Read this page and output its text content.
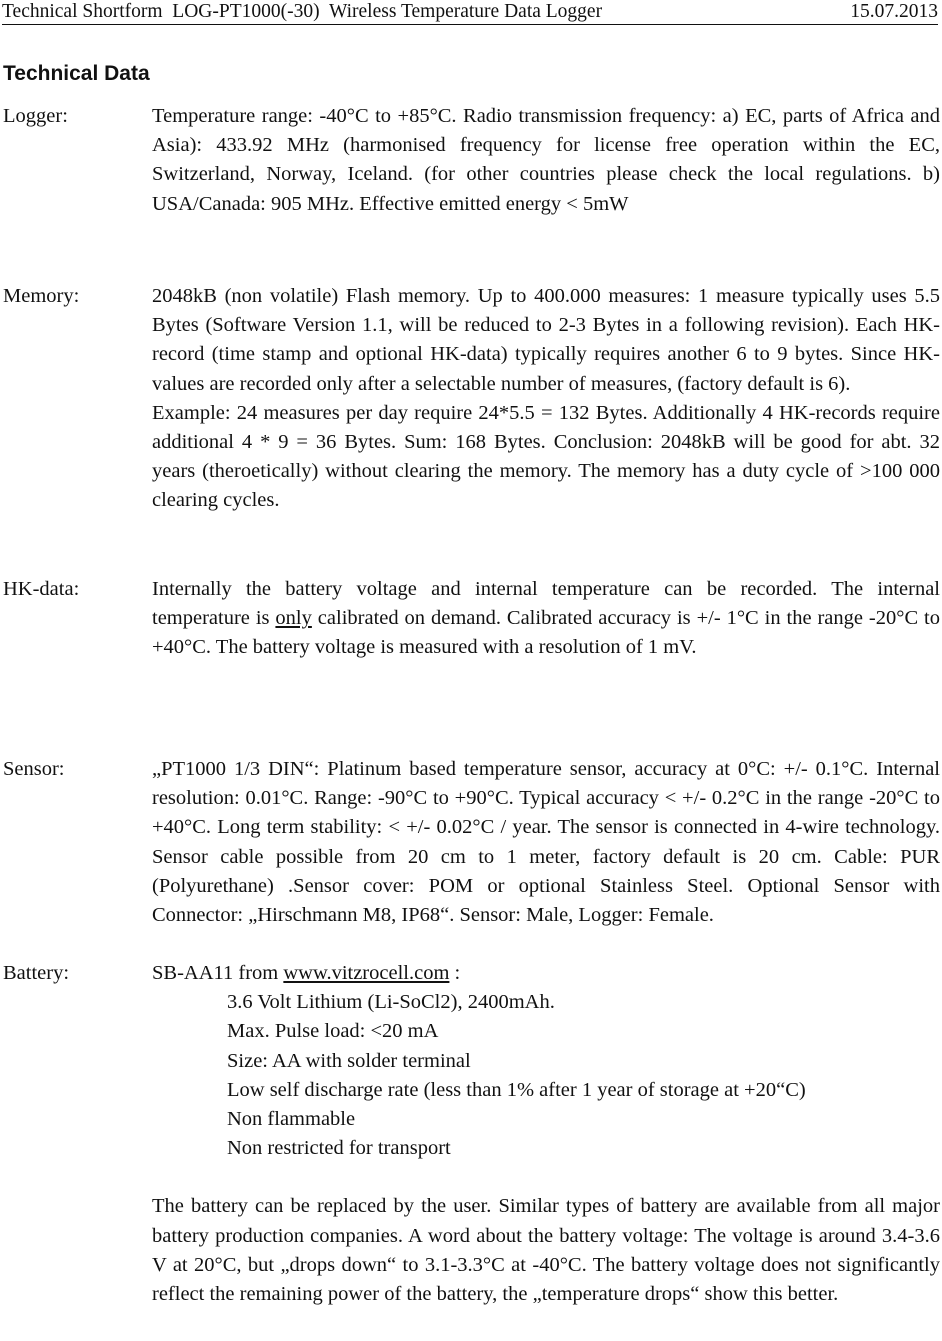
Technical Shortform  LOG-PT1000(-30)  Wireless Temperature Data Logger	15.07.2013
Technical Data
Logger:	Temperature range: -40°C to +85°C. Radio transmission frequency: a) EC, parts of Africa and Asia): 433.92 MHz (harmonised frequency for license free operation within the EC, Switzerland, Norway, Iceland. (for other countries please check the local regulations. b) USA/Canada: 905 MHz. Effective emitted energy < 5mW

Memory:	2048kB (non volatile) Flash memory. Up to 400.000 measures: 1 measure typically uses 5.5 Bytes (Software Version 1.1, will be reduced to 2-3 Bytes in a following revision). Each HK-record (time stamp and optional HK-data) typically requires another 6 to 9 bytes. Since HK-values are recorded only after a selectable number of measures, (factory default is 6).

Example: 24 measures per day require 24*5.5 = 132 Bytes. Additionally 4 HK-records require additional 4 * 9 = 36 Bytes. Sum: 168 Bytes. Conclusion: 2048kB will be good for abt. 32 years (theroetically) without clearing the memory. The memory has a duty cycle of >100 000 clearing cycles.

HK-data:	Internally the battery voltage and internal temperature can be recorded. The internal temperature is only calibrated on demand. Calibrated accuracy is +/- 1°C in the range -20°C to +40°C. The battery voltage is measured with a resolution of 1 mV.

Sensor:	„PT1000 1/3 DIN“: Platinum based temperature sensor, accuracy at 0°C: +/- 0.1°C. Internal resolution: 0.01°C. Range: -90°C to +90°C. Typical accuracy < +/- 0.2°C in the range -20°C to +40°C. Long term stability: < +/- 0.02°C / year. The sensor is connected in 4-wire technology. Sensor cable possible from 20 cm to 1 meter, factory default is 20 cm. Cable: PUR (Polyurethane) .Sensor cover: POM or optional Stainless Steel. Optional Sensor with Connector: „Hirschmann M8, IP68“. Sensor: Male, Logger: Female.

Battery:	SB-AA11 from www.vitzrocell.com :

3.6 Volt Lithium (Li-SoCl2), 2400mAh.

Max. Pulse load: <20 mA

Size: AA with solder terminal

Low self discharge rate (less than 1% after 1 year of storage at +20“C)

Non flammable

Non restricted for transport

The battery can be replaced by the user. Similar types of battery are available from all major battery production companies. A word about the battery voltage: The voltage is around 3.4-3.6 V at 20°C, but „drops down“ to 3.1-3.3°C at -40°C. The battery voltage does not significantly reflect the remaining power of the battery, the „temperature drops“ show this better.
